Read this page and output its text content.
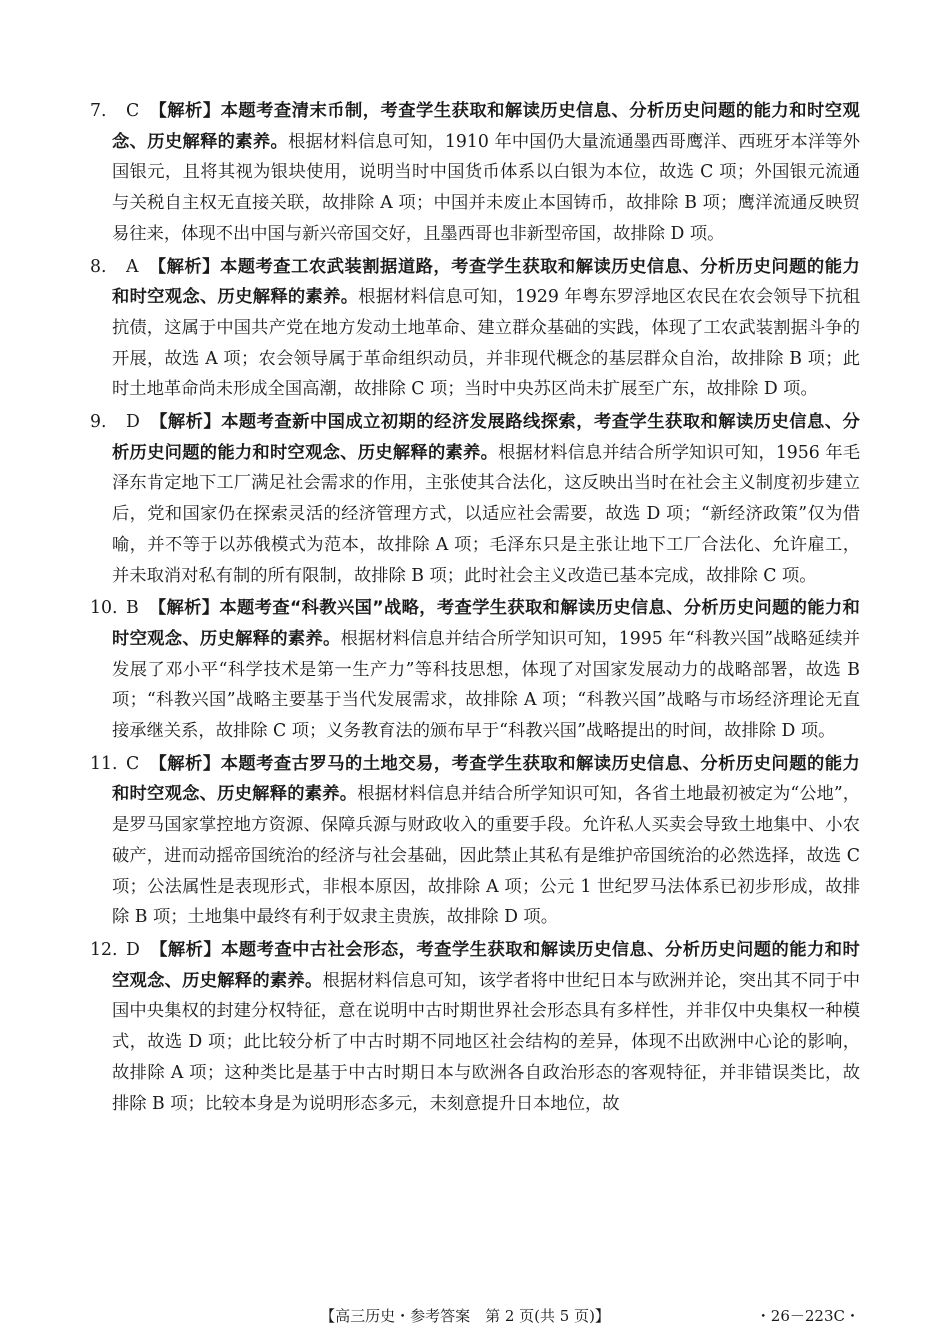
7. C 【解析】本题考查清末币制，考查学生获取和解读历史信息、分析历史问题的能力和时空观念、历史解释的素养。根据材料信息可知，1910 年中国仍大量流通墨西哥鹰洋、西班牙本洋等外国银元，且将其视为银块使用，说明当时中国货币体系以白银为本位，故选 C 项；外国银元流通与关税自主权无直接关联，故排除 A 项；中国并未废止本国铸币，故排除 B 项；鹰洋流通反映贸易往来，体现不出中国与新兴帝国交好，且墨西哥也非新型帝国，故排除 D 项。
8. A 【解析】本题考查工农武装割据道路，考查学生获取和解读历史信息、分析历史问题的能力和时空观念、历史解释的素养。根据材料信息可知，1929 年粤东罗浮地区农民在农会领导下抗租抗债，这属于中国共产党在地方发动土地革命、建立群众基础的实践，体现了工农武装割据斗争的开展，故选 A 项；农会领导属于革命组织动员，并非现代概念的基层群众自治，故排除 B 项；此时土地革命尚未形成全国高潮，故排除 C 项；当时中央苏区尚未扩展至广东，故排除 D 项。
9. D 【解析】本题考查新中国成立初期的经济发展路线探索，考查学生获取和解读历史信息、分析历史问题的能力和时空观念、历史解释的素养。根据材料信息并结合所学知识可知，1956 年毛泽东肯定地下工厂满足社会需求的作用，主张使其合法化，这反映出当时在社会主义制度初步建立后，党和国家仍在探索灵活的经济管理方式，以适应社会需要，故选 D 项；“新经济政策”仅为借喻，并不等于以苏俄模式为范本，故排除 A 项；毛泽东只是主张让地下工厂合法化、允许雇工，并未取消对私有制的所有限制，故排除 B 项；此时社会主义改造已基本完成，故排除 C 项。
10. B 【解析】本题考查“科教兴国”战略，考查学生获取和解读历史信息、分析历史问题的能力和时空观念、历史解释的素养。根据材料信息并结合所学知识可知，1995 年“科教兴国”战略延续并发展了邓小平“科学技术是第一生产力”等科技思想，体现了对国家发展动力的战略部署，故选 B 项；“科教兴国”战略主要基于当代发展需求，故排除 A 项；“科教兴国”战略与市场经济理论无直接承继关系，故排除 C 项；义务教育法的颁布早于“科教兴国”战略提出的时间，故排除 D 项。
11. C 【解析】本题考查古罗马的土地交易，考查学生获取和解读历史信息、分析历史问题的能力和时空观念、历史解释的素养。根据材料信息并结合所学知识可知，各省土地最初被定为“公地”，是罗马国家掌控地方资源、保障兵源与财政收入的重要手段。允许私人买卖会导致土地集中、小农破产，进而动摇帝国统治的经济与社会基础，因此禁止其私有是维护帝国统治的必然选择，故选 C 项；公法属性是表现形式，非根本原因，故排除 A 项；公元 1 世纪罗马法体系已初步形成，故排除 B 项；土地集中最终有利于奴隶主贵族，故排除 D 项。
12. D 【解析】本题考查中古社会形态，考查学生获取和解读历史信息、分析历史问题的能力和时空观念、历史解释的素养。根据材料信息可知，该学者将中世纪日本与欧洲并论，突出其不同于中国中央集权的封建分权特征，意在说明中古时期世界社会形态具有多样性，并非仅中央集权一种模式，故选 D 项；此比较分析了中古时期不同地区社会结构的差异，体现不出欧洲中心论的影响，故排除 A 项；这种类比是基于中古时期日本与欧洲各自政治形态的客观特征，并非错误类比，故排除 B 项；比较本身是为说明形态多元，未刻意提升日本地位，故
【高三历史・参考答案　第 2 页(共 5 页)】	・26－223C・
